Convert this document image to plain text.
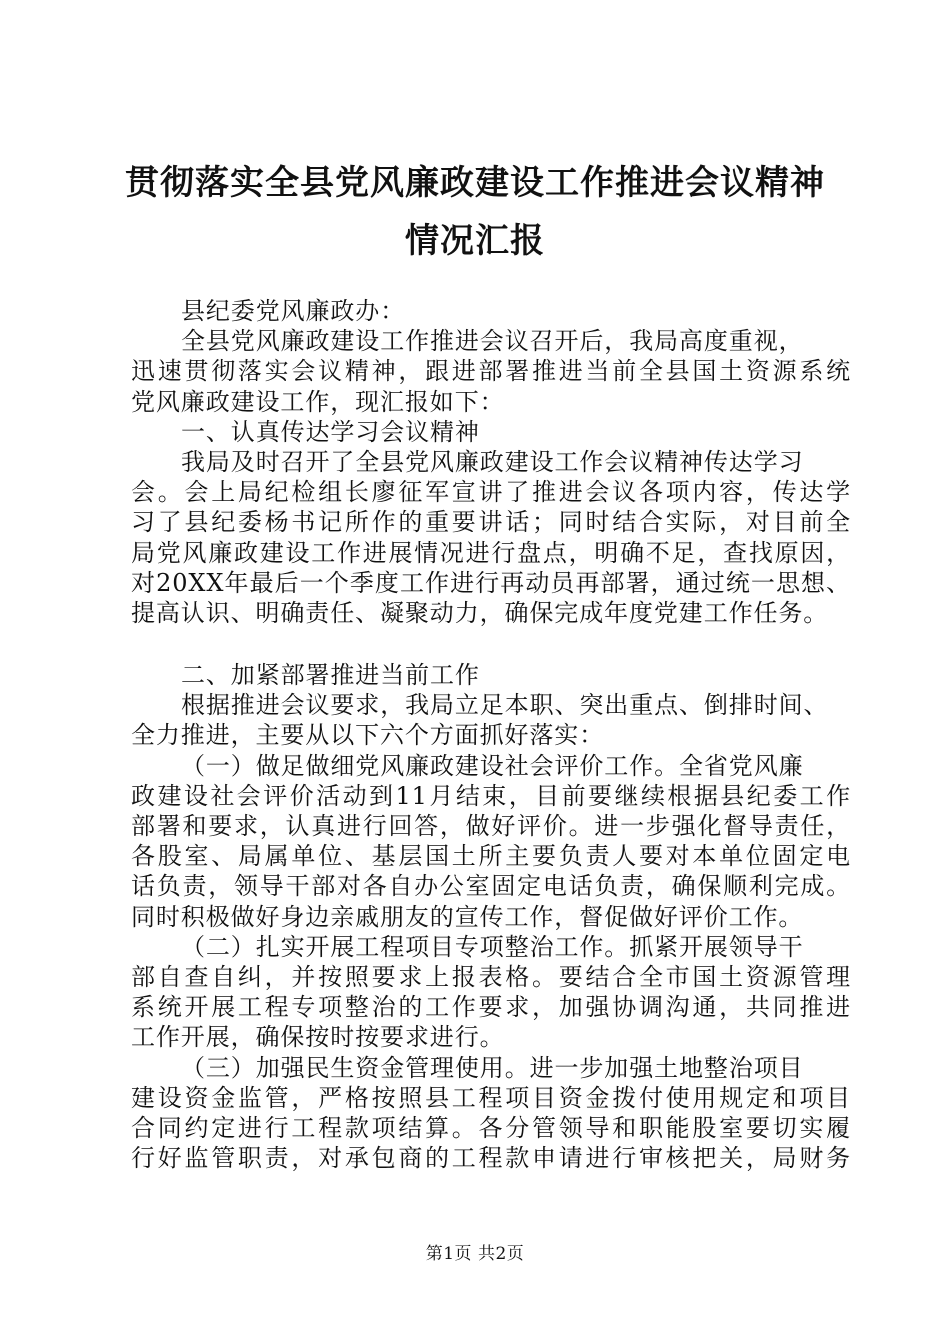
贯彻落实全县党风廉政建设工作推进会议精神
情况汇报
县纪委党风廉政办：
全县党风廉政建设工作推进会议召开后，我局高度重视，
迅速贯彻落实会议精神，跟进部署推进当前全县国土资源系统
党风廉政建设工作，现汇报如下：
一、认真传达学习会议精神
我局及时召开了全县党风廉政建设工作会议精神传达学习
会。会上局纪检组长廖征军宣讲了推进会议各项内容，传达学
习了县纪委杨书记所作的重要讲话；同时结合实际，对目前全
局党风廉政建设工作进展情况进行盘点，明确不足，查找原因，
对20XX年最后一个季度工作进行再动员再部署，通过统一思想、
提高认识、明确责任、凝聚动力，确保完成年度党建工作任务。
二、加紧部署推进当前工作
根据推进会议要求，我局立足本职、突出重点、倒排时间、
全力推进，主要从以下六个方面抓好落实：
（一）做足做细党风廉政建设社会评价工作。全省党风廉
政建设社会评价活动到11月结束，目前要继续根据县纪委工作
部署和要求，认真进行回答，做好评价。进一步强化督导责任，
各股室、局属单位、基层国土所主要负责人要对本单位固定电
话负责，领导干部对各自办公室固定电话负责，确保顺利完成。
同时积极做好身边亲戚朋友的宣传工作，督促做好评价工作。
（二）扎实开展工程项目专项整治工作。抓紧开展领导干
部自查自纠，并按照要求上报表格。要结合全市国土资源管理
系统开展工程专项整治的工作要求，加强协调沟通，共同推进
工作开展，确保按时按要求进行。
（三）加强民生资金管理使用。进一步加强土地整治项目
建设资金监管，严格按照县工程项目资金拨付使用规定和项目
合同约定进行工程款项结算。各分管领导和职能股室要切实履
行好监管职责，对承包商的工程款申请进行审核把关，局财务
第1页 共2页
